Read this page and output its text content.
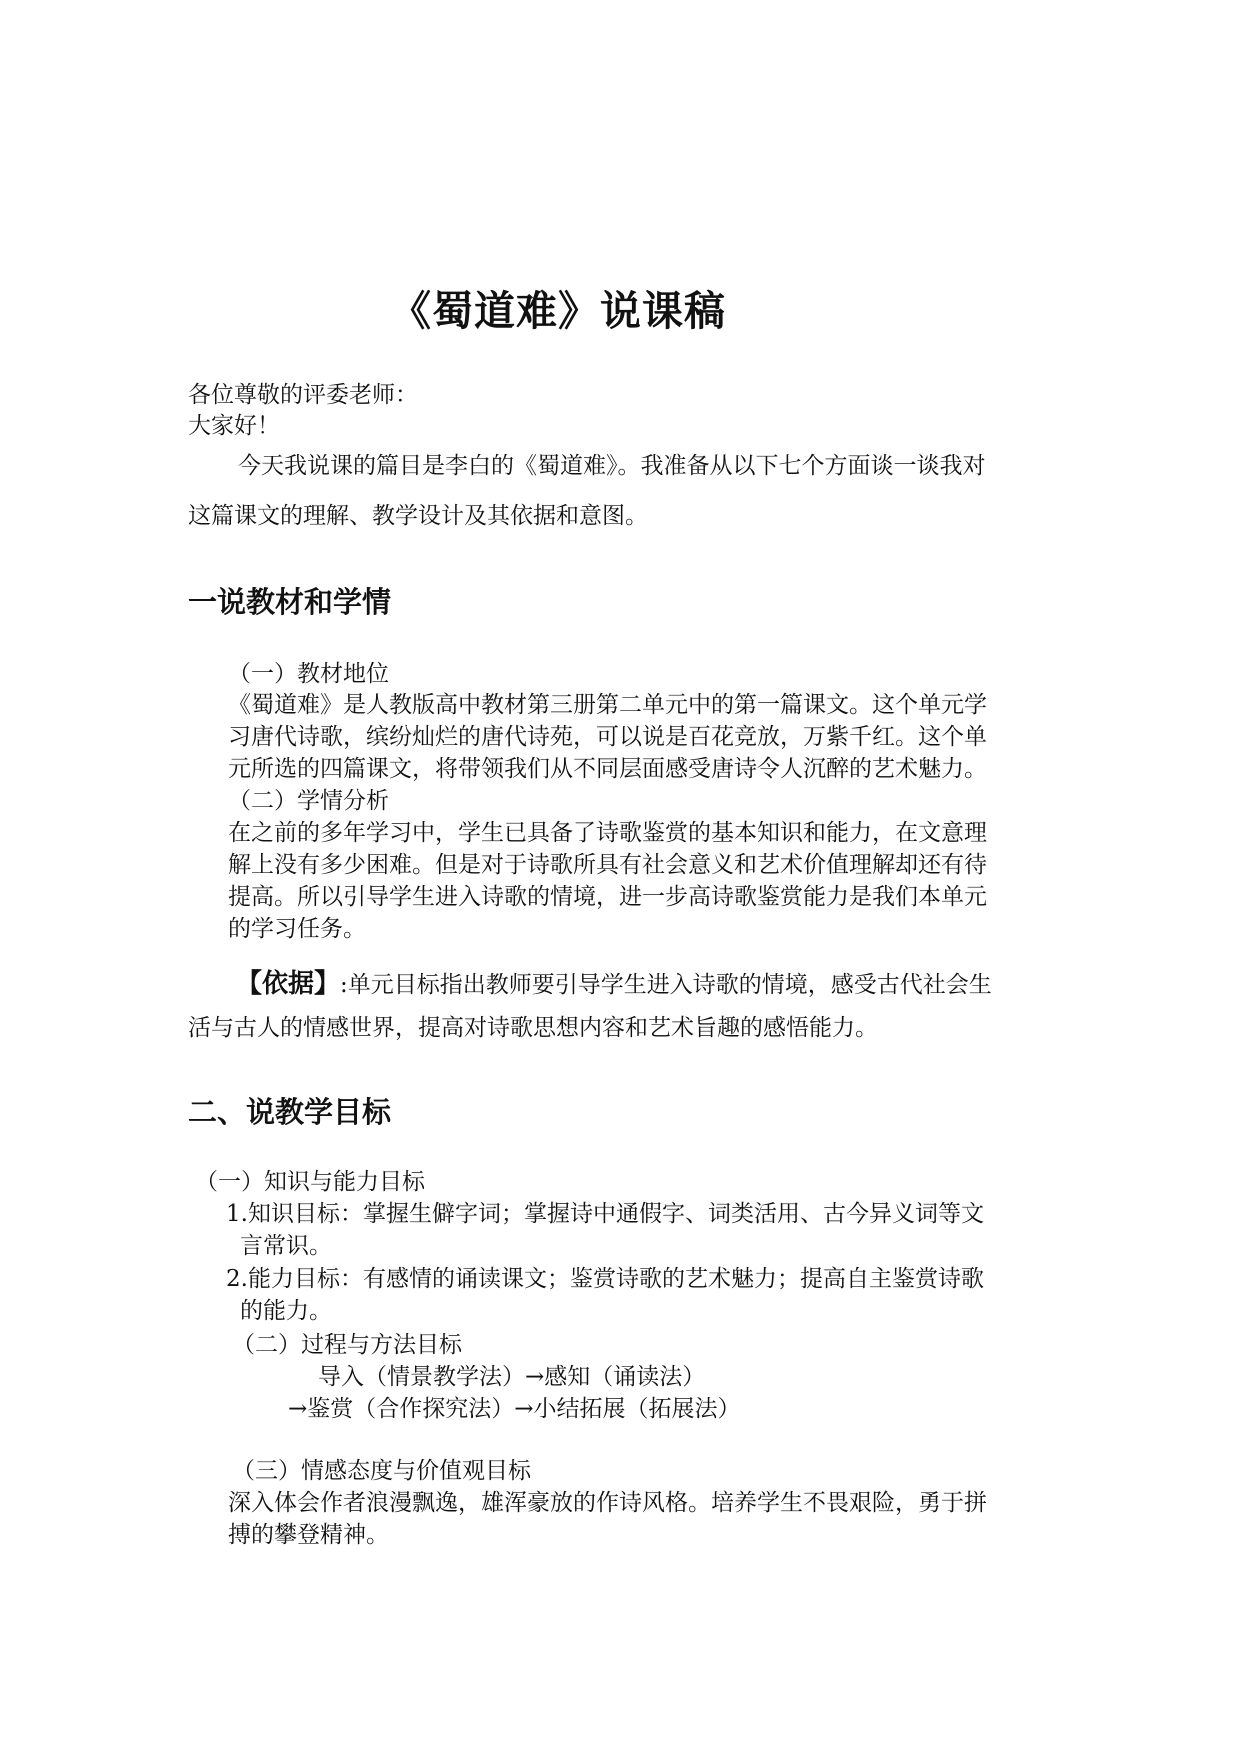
《蜀道难》说课稿
各位尊敬的评委老师：
大家好！
今天我说课的篇目是李白的《蜀道难》。我准备从以下七个方面谈一谈我对
这篇课文的理解、教学设计及其依据和意图。
一说教材和学情
（一）教材地位
《蜀道难》是人教版高中教材第三册第二单元中的第一篇课文。这个单元学
习唐代诗歌，缤纷灿烂的唐代诗苑，可以说是百花竞放，万紫千红。这个单
元所选的四篇课文，将带领我们从不同层面感受唐诗令人沉醉的艺术魅力。
（二）学情分析
在之前的多年学习中，学生已具备了诗歌鉴赏的基本知识和能力，在文意理
解上没有多少困难。但是对于诗歌所具有社会意义和艺术价值理解却还有待
提高。所以引导学生进入诗歌的情境，进一步高诗歌鉴赏能力是我们本单元
的学习任务。
【依据】:单元目标指出教师要引导学生进入诗歌的情境，感受古代社会生
活与古人的情感世界，提高对诗歌思想内容和艺术旨趣的感悟能力。
二、说教学目标
（一）知识与能力目标
1.知识目标：掌握生僻字词；掌握诗中通假字、词类活用、古今异义词等文
言常识。
2.能力目标：有感情的诵读课文；鉴赏诗歌的艺术魅力；提高自主鉴赏诗歌
的能力。
（二）过程与方法目标
导入（情景教学法）→感知（诵读法）
→鉴赏（合作探究法）→小结拓展（拓展法）
（三）情感态度与价值观目标
深入体会作者浪漫飘逸，雄浑豪放的作诗风格。培养学生不畏艰险，勇于拼
搏的攀登精神。
